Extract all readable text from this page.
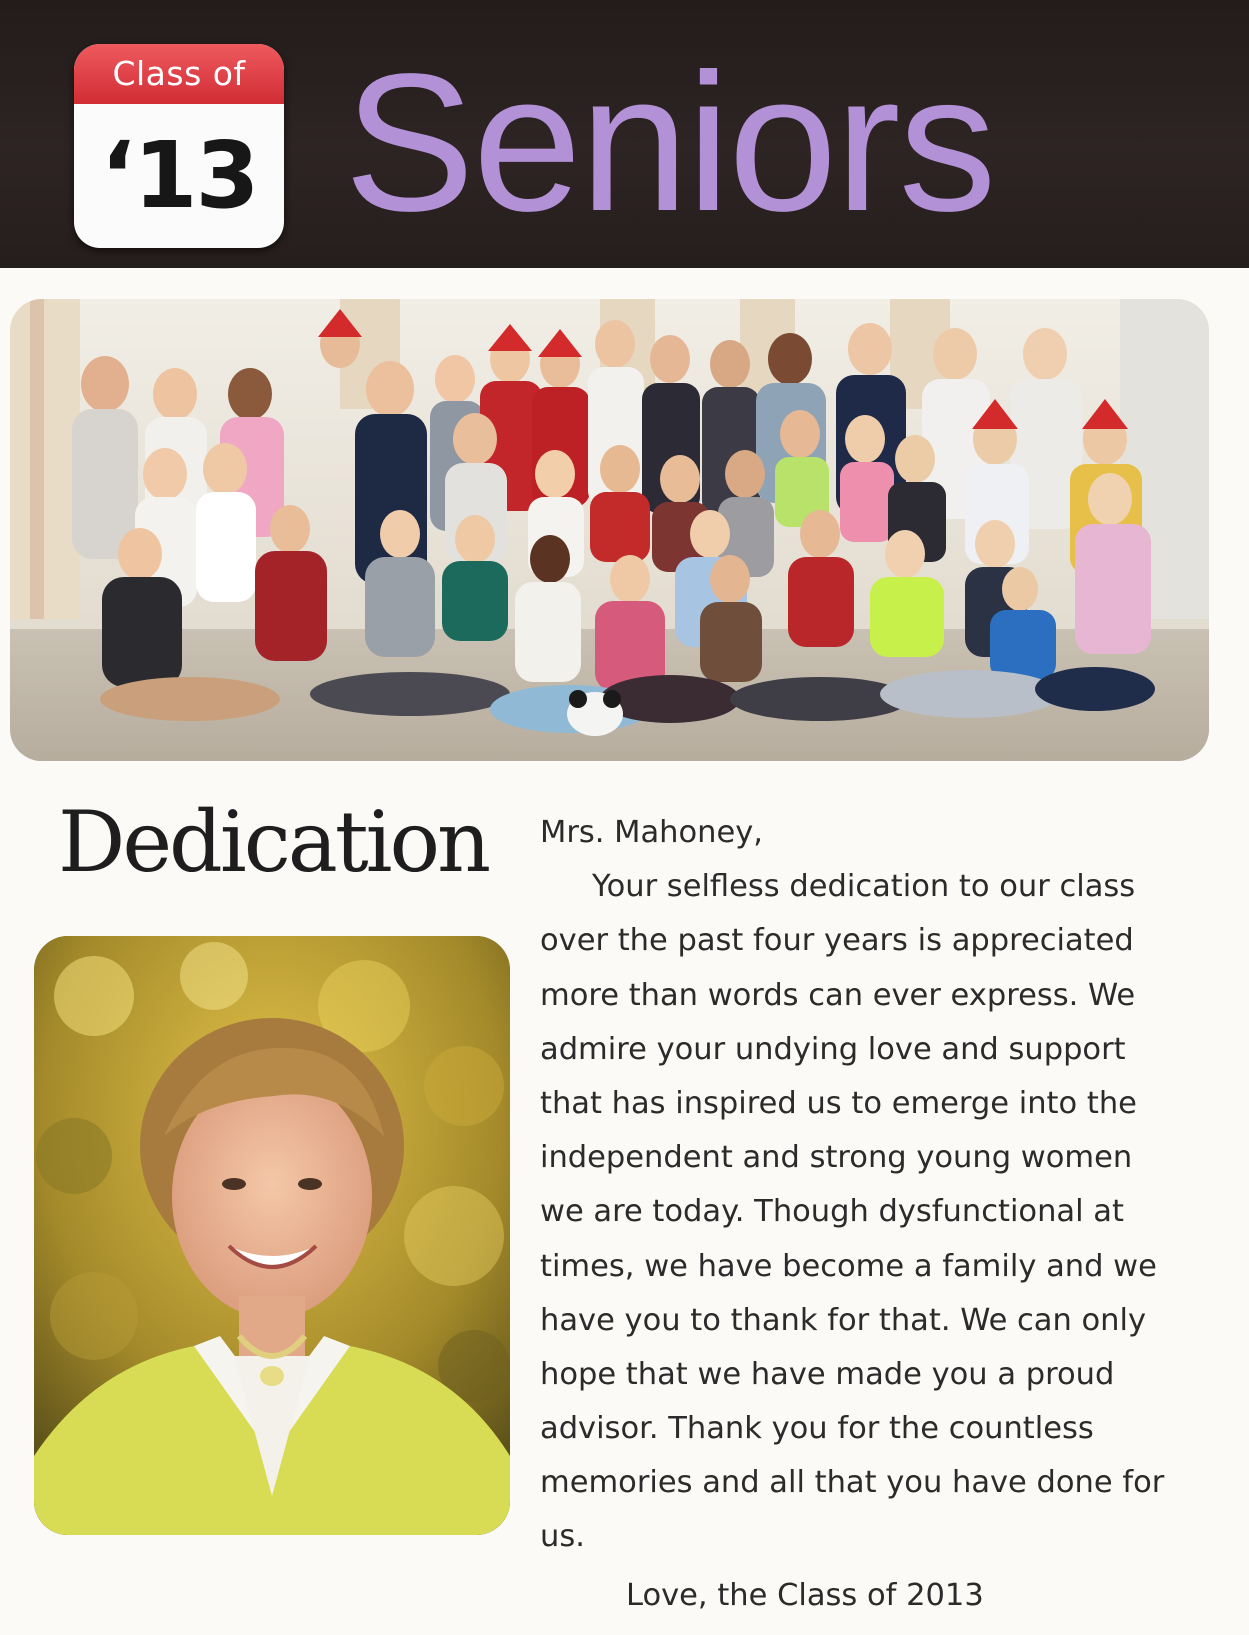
Class of
‘13 Seniors
Dedication Mrs. Mahoney,
Your selfless dedication to our class
over the past four years is appreciated
more than words can ever express. We
admire your undying love and support
that has inspired us to emerge into the
independent and strong young women
we are today. Though dysfunctional at
times, we have become a family and we
have you to thank for that. We can only
hope that we have made you a proud
advisor. Thank you for the countless
memories and all that you have done for
us.
Love, the Class of 2013
